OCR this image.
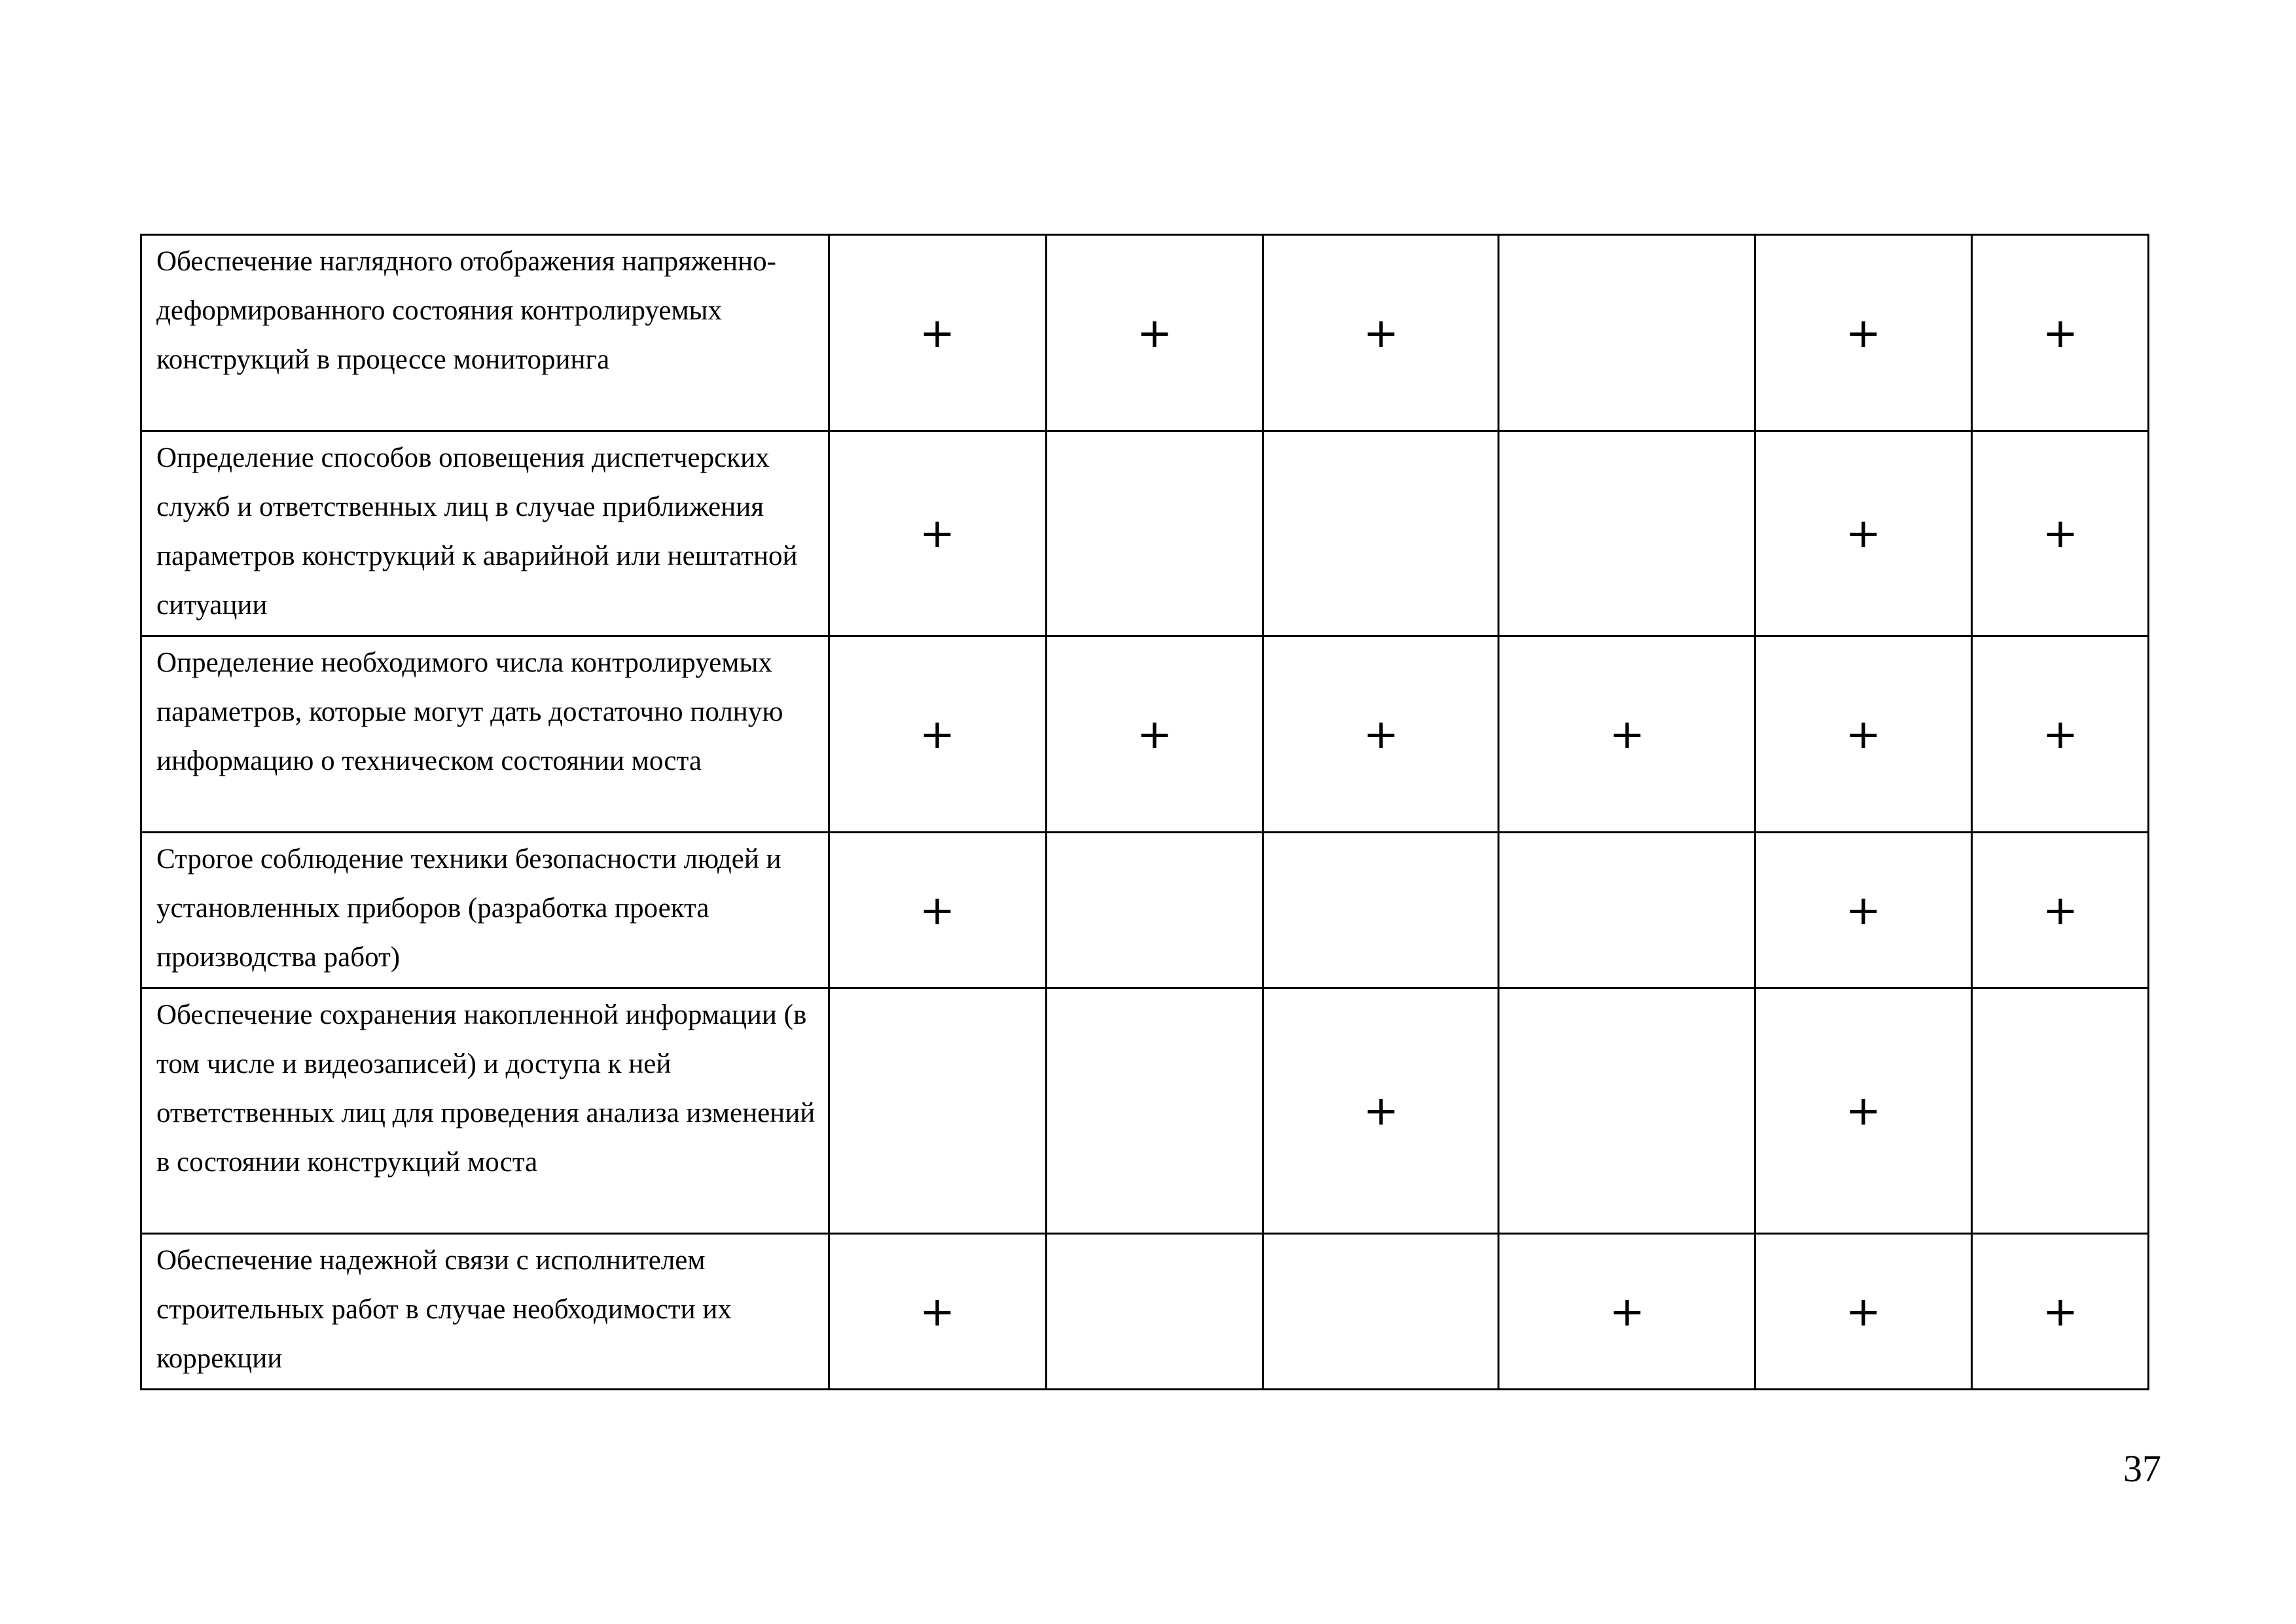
Обеспечение наглядного отображения напряженно-деформированного состояния контролируемых конструкций в процессе мониторинга	+	+	+		+	+
Определение способов оповещения диспетчерских служб и ответственных лиц в случае приближения параметров конструкций к аварийной или нештатной ситуации	+				+	+
Определение необходимого числа контролируемых параметров, которые могут дать достаточно полную информацию о техническом состоянии моста	+	+	+	+	+	+
Строгое соблюдение техники безопасности людей и установленных приборов (разработка проекта производства работ)	+				+	+
Обеспечение сохранения накопленной информации (в том числе и видеозаписей) и доступа к ней ответственных лиц для проведения анализа изменений в состоянии конструкций моста			+		+	
Обеспечение надежной связи с исполнителем строительных работ в случае необходимости их коррекции	+			+	+	+
37
